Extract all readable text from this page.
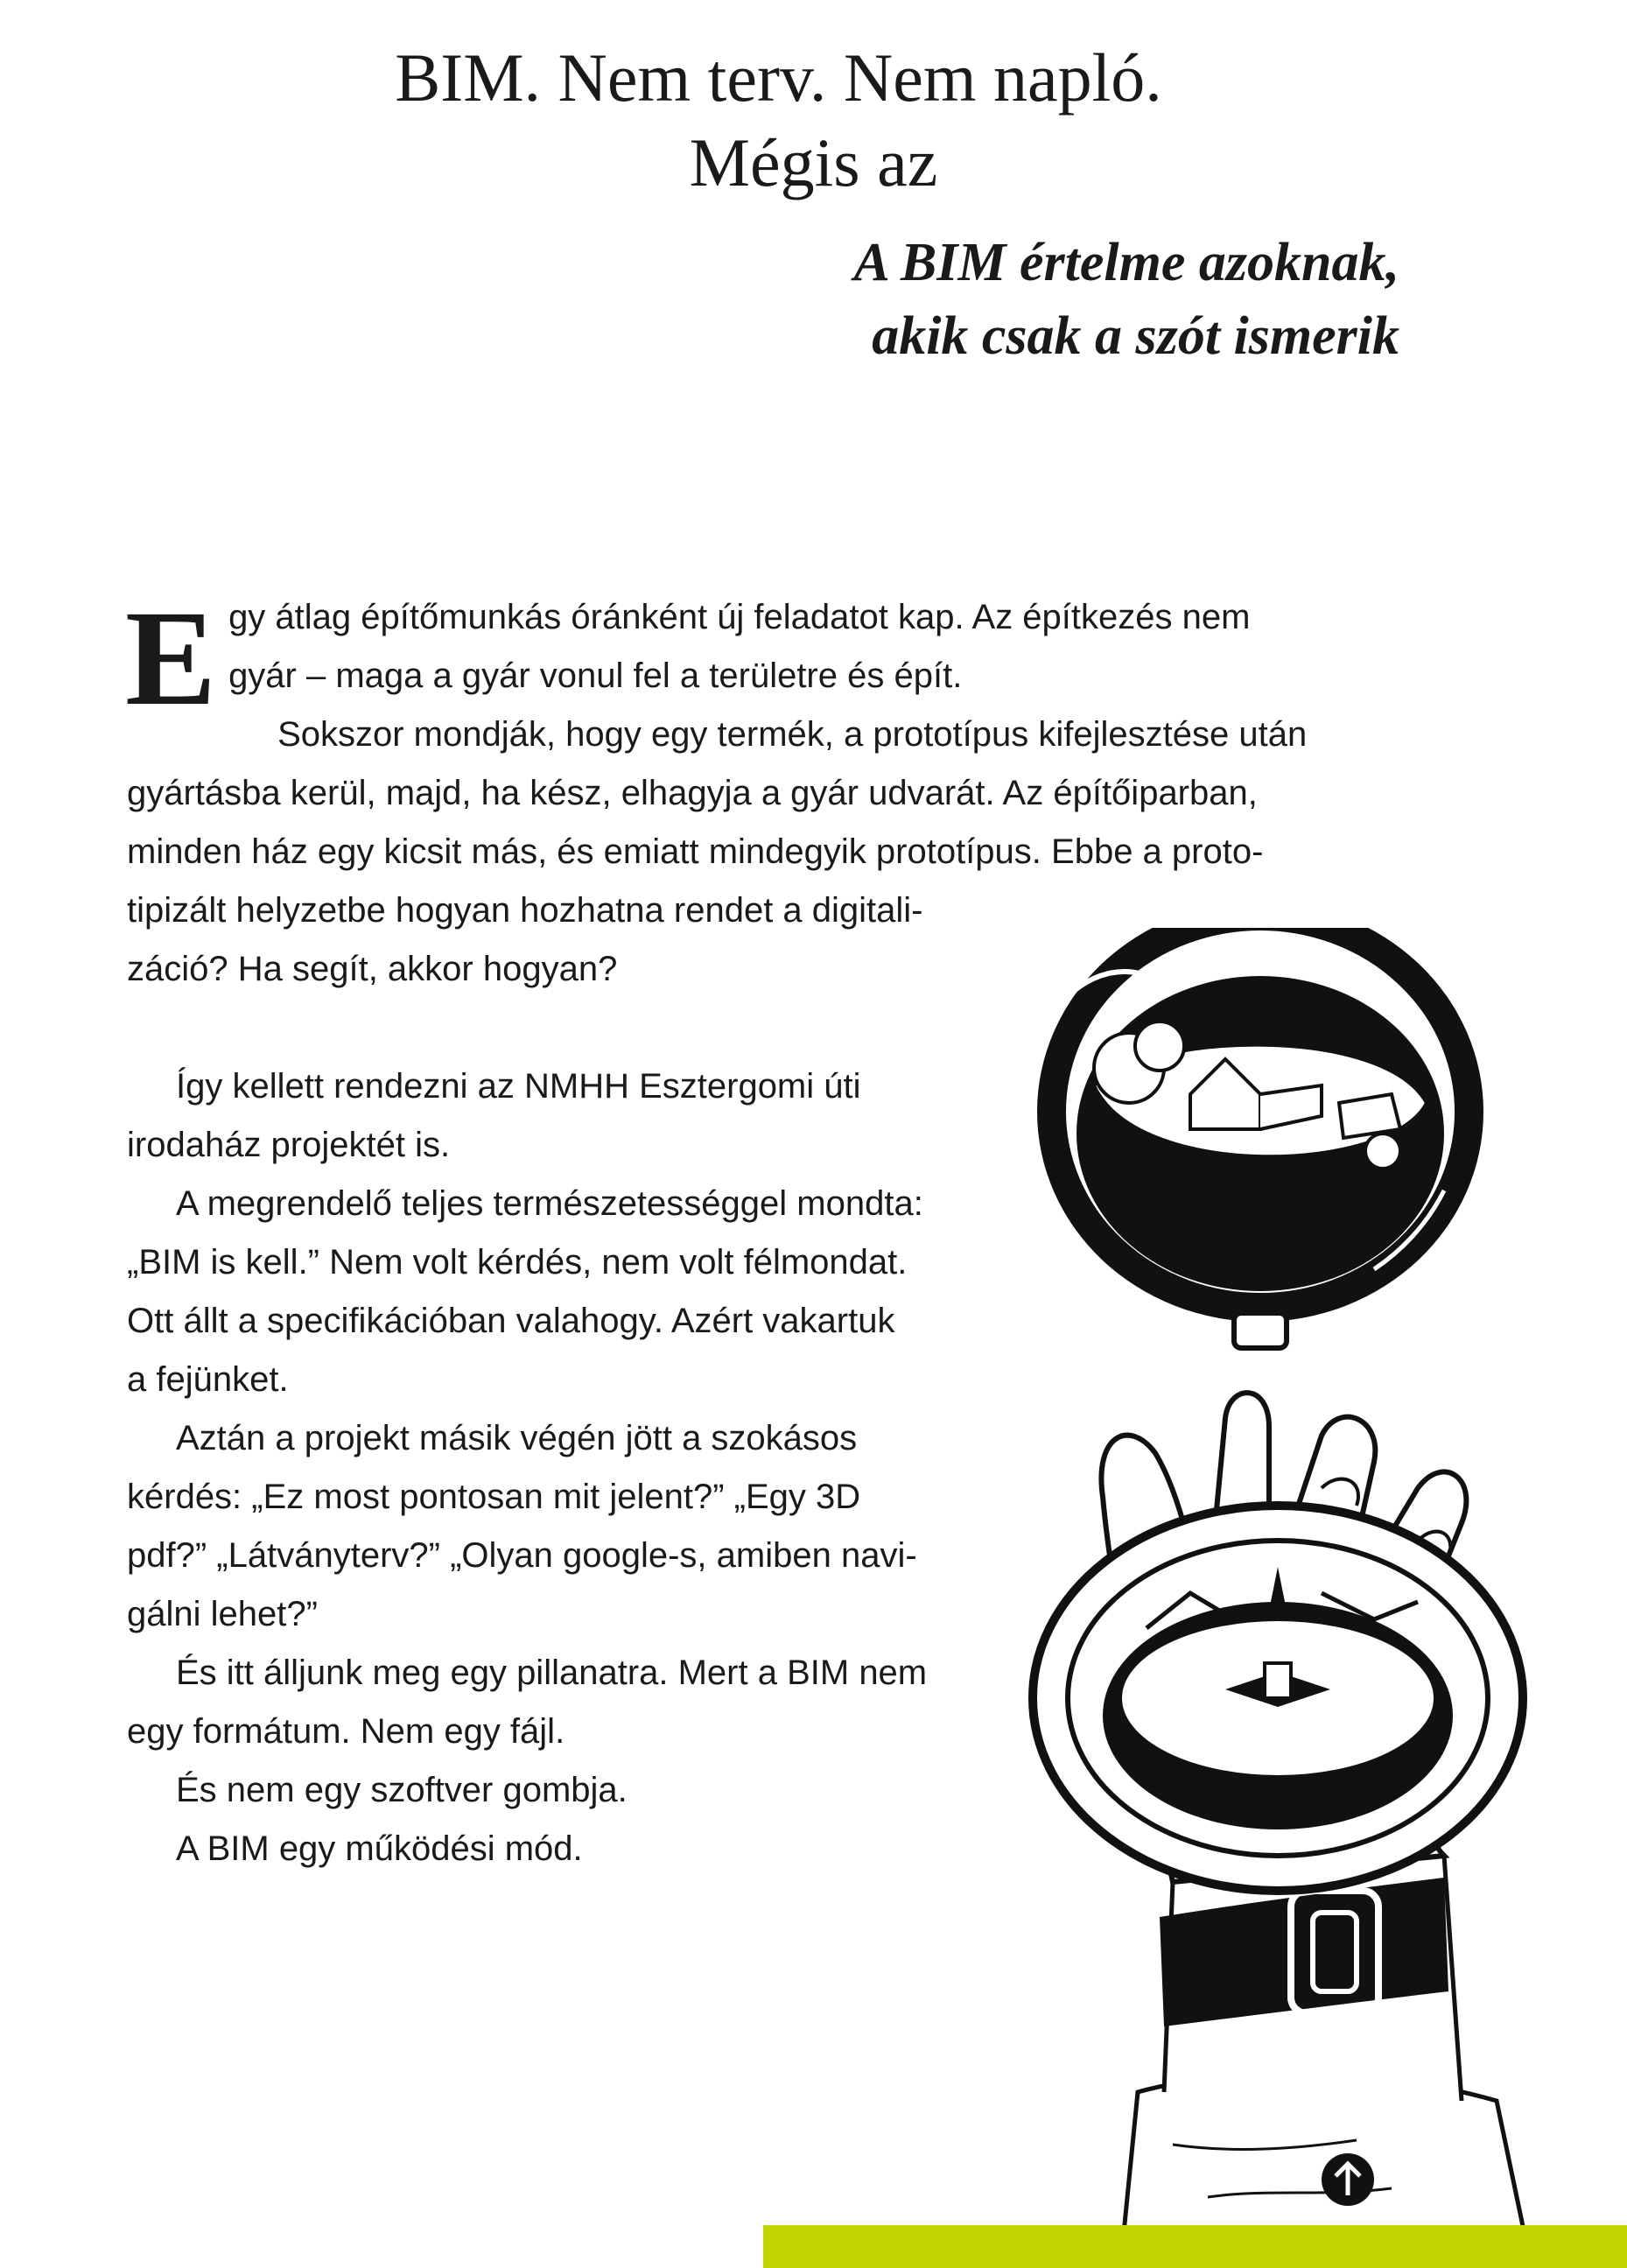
BIM. Nem terv. Nem napló.
Mégis az
A BIM értelme azoknak,
akik csak a szót ismerik
E gy átlag építőmunkás óránként új feladatot kap. Az építkezés nem

gyár – maga a gyár vonul fel a területre és épít.

Sokszor mondják, hogy egy termék, a prototípus kifejlesztése után

gyártásba kerül, majd, ha kész, elhagyja a gyár udvarát. Az építőiparban,

minden ház egy kicsit más, és emiatt mindegyik prototípus. Ebbe a proto-

tipizált helyzetbe hogyan hozhatna rendet a digitali-

záció? Ha segít, akkor hogyan?

Így kellett rendezni az NMHH Esztergomi úti

irodaház projektét is.

A megrendelő teljes természetességgel mondta:

„BIM is kell.” Nem volt kérdés, nem volt félmondat.

Ott állt a specifikációban valahogy. Azért vakartuk

a fejünket.

Aztán a projekt másik végén jött a szokásos

kérdés: „Ez most pontosan mit jelent?” „Egy 3D

pdf?” „Látványterv?” „Olyan google-s, amiben navi-

gálni lehet?”

És itt álljunk meg egy pillanatra. Mert a BIM nem

egy formátum. Nem egy fájl.

És nem egy szoftver gombja.

A BIM egy működési mód.
